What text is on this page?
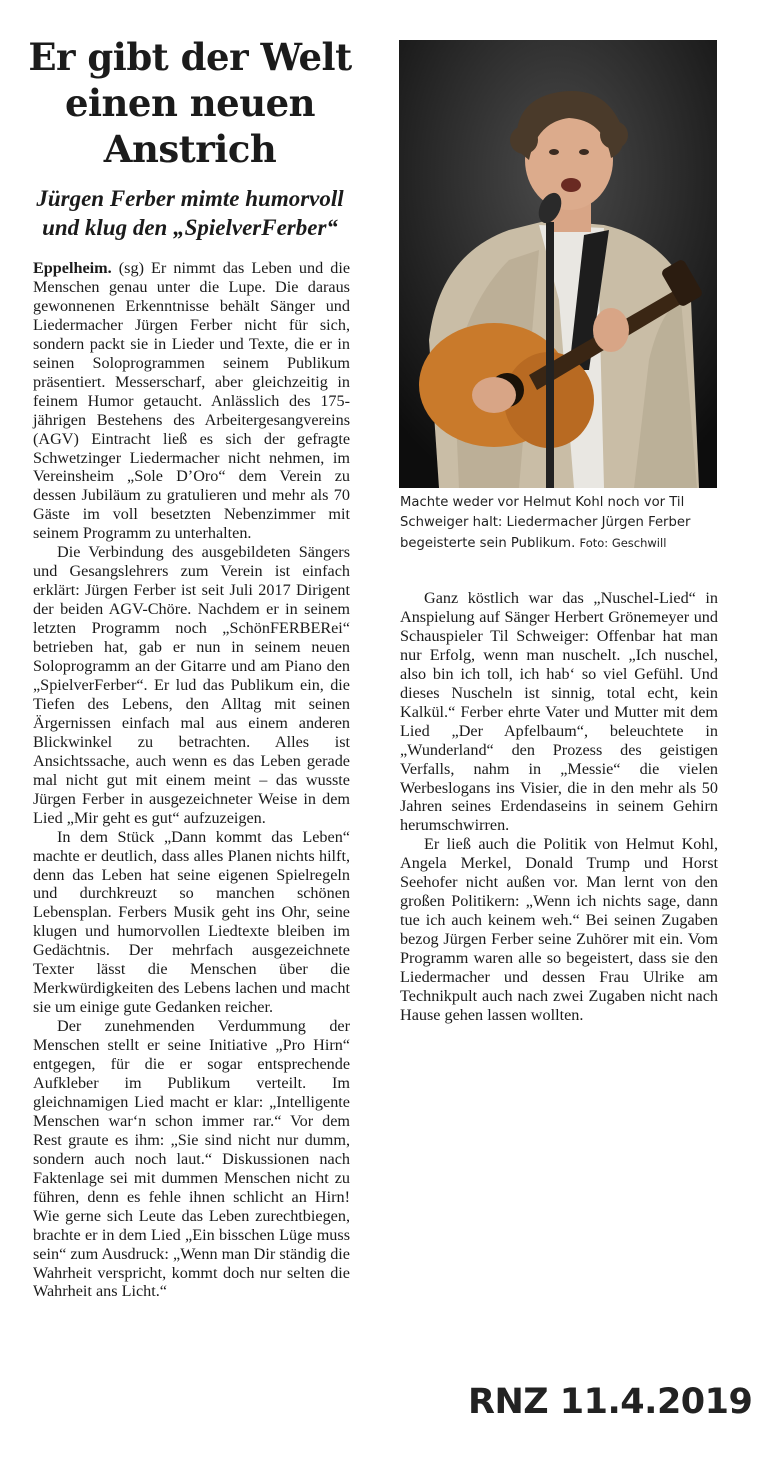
Er gibt der Welt einen neuen Anstrich
Jürgen Ferber mimte humorvoll und klug den „SpielverFerber“

Eppelheim. (sg) Er nimmt das Leben und die Menschen genau unter die Lupe. Die daraus gewonnenen Erkenntnisse behält Sänger und Liedermacher Jürgen Ferber nicht für sich, sondern packt sie in Lieder und Texte, die er in seinen Soloprogrammen seinem Publikum präsentiert. Messerscharf, aber gleichzeitig in feinem Humor getaucht. Anlässlich des 175-jährigen Bestehens des Arbeitergesangvereins (AGV) Eintracht ließ es sich der gefragte Schwetzinger Liedermacher nicht nehmen, im Vereinsheim „Sole D’Oro“ dem Verein zu dessen Jubiläum zu gratulieren und mehr als 70 Gäste im voll besetzten Nebenzimmer mit seinem Programm zu unterhalten.

Die Verbindung des ausgebildeten Sängers und Gesangslehrers zum Verein ist einfach erklärt: Jürgen Ferber ist seit Juli 2017 Dirigent der beiden AGV-Chöre. Nachdem er in seinem letzten Programm noch „SchönFERBERei“ betrieben hat, gab er nun in seinem neuen Soloprogramm an der Gitarre und am Piano den „SpielverFerber“. Er lud das Publikum ein, die Tiefen des Lebens, den Alltag mit seinen Ärgernissen einfach mal aus einem anderen Blickwinkel zu betrachten. Alles ist Ansichtssache, auch wenn es das Leben gerade mal nicht gut mit einem meint – das wusste Jürgen Ferber in ausgezeichneter Weise in dem Lied „Mir geht es gut“ aufzuzeigen.

In dem Stück „Dann kommt das Leben“ machte er deutlich, dass alles Planen nichts hilft, denn das Leben hat seine eigenen Spielregeln und durchkreuzt so manchen schönen Lebensplan. Ferbers Musik geht ins Ohr, seine klugen und humorvollen Liedtexte bleiben im Gedächtnis. Der mehrfach ausgezeichnete Texter lässt die Menschen über die Merkwürdigkeiten des Lebens lachen und macht sie um einige gute Gedanken reicher.

Der zunehmenden Verdummung der Menschen stellt er seine Initiative „Pro Hirn“ entgegen, für die er sogar entsprechende Aufkleber im Publikum verteilt. Im gleichnamigen Lied macht er klar: „Intelligente Menschen war‘n schon immer rar.“ Vor dem Rest graute es ihm: „Sie sind nicht nur dumm, sondern auch noch laut.“ Diskussionen nach Faktenlage sei mit dummen Menschen nicht zu führen, denn es fehle ihnen schlicht an Hirn! Wie gerne sich Leute das Leben zurechtbiegen, brachte er in dem Lied „Ein bisschen Lüge muss sein“ zum Ausdruck: „Wenn man Dir ständig die Wahrheit verspricht, kommt doch nur selten die Wahrheit ans Licht.“

Machte weder vor Helmut Kohl noch vor Til Schweiger halt: Liedermacher Jürgen Ferber begeisterte sein Publikum. Foto: Geschwill

Ganz köstlich war das „Nuschel-Lied“ in Anspielung auf Sänger Herbert Grönemeyer und Schauspieler Til Schweiger: Offenbar hat man nur Erfolg, wenn man nuschelt. „Ich nuschel, also bin ich toll, ich hab‘ so viel Gefühl. Und dieses Nuscheln ist sinnig, total echt, kein Kalkül.“ Ferber ehrte Vater und Mutter mit dem Lied „Der Apfelbaum“, beleuchtete in „Wunderland“ den Prozess des geistigen Verfalls, nahm in „Messie“ die vielen Werbeslogans ins Visier, die in den mehr als 50 Jahren seines Erdendaseins in seinem Gehirn herumschwirren.

Er ließ auch die Politik von Helmut Kohl, Angela Merkel, Donald Trump und Horst Seehofer nicht außen vor. Man lernt von den großen Politikern: „Wenn ich nichts sage, dann tue ich auch keinem weh.“ Bei seinen Zugaben bezog Jürgen Ferber seine Zuhörer mit ein. Vom Programm waren alle so begeistert, dass sie den Liedermacher und dessen Frau Ulrike am Technikpult auch nach zwei Zugaben nicht nach Hause gehen lassen wollten.

RNZ 11.4.2019
